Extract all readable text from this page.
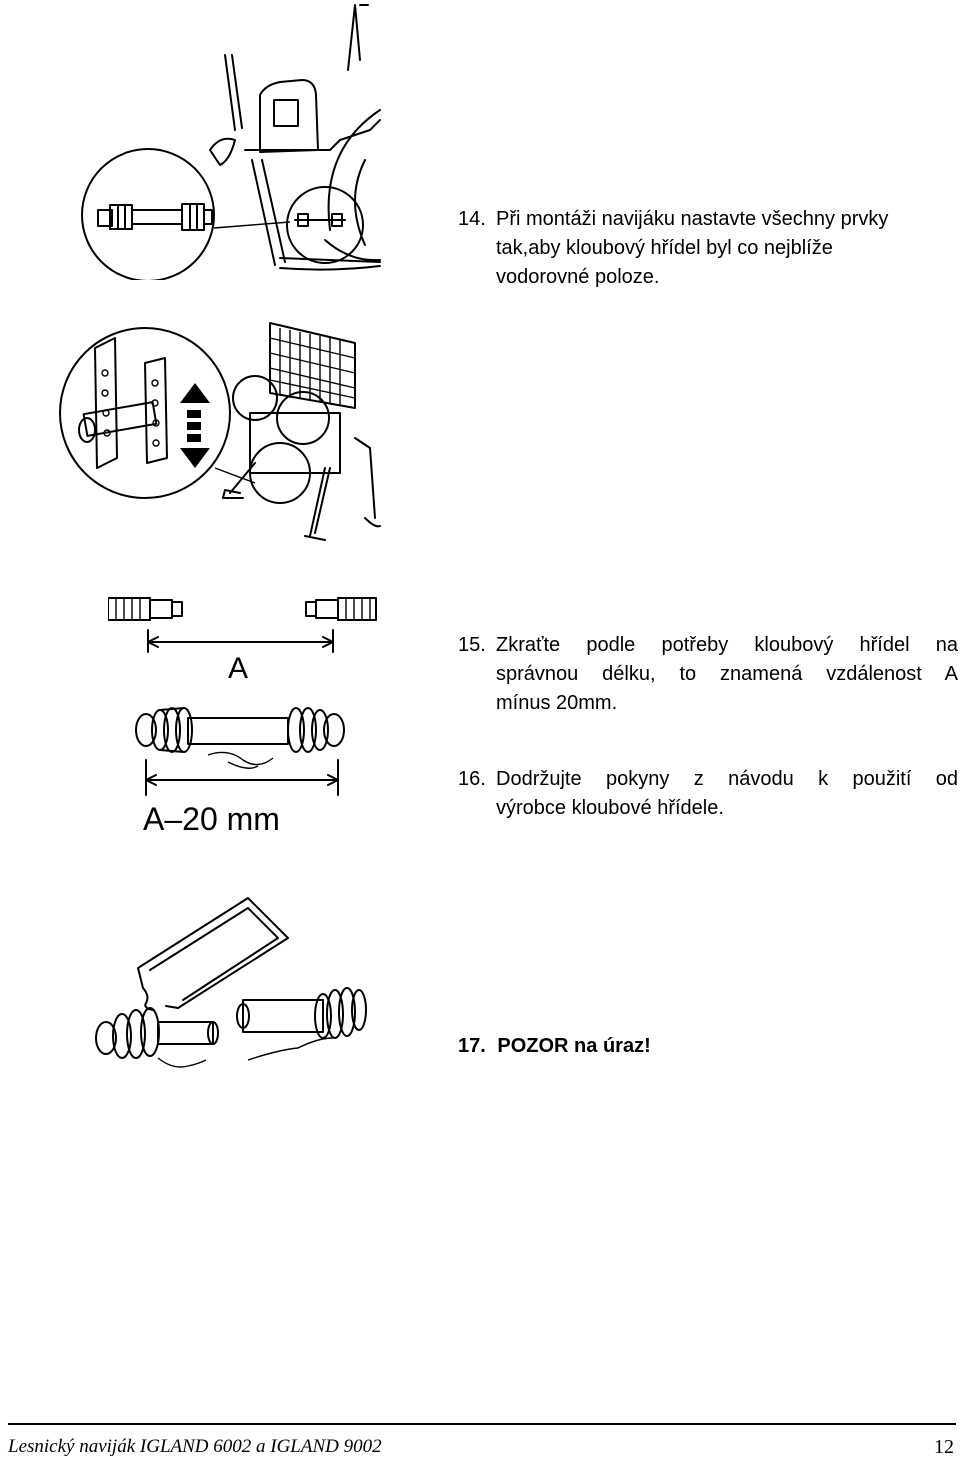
A
A–20 mm
14. Při montáži navijáku nastavte všechny prvky
tak,aby kloubový hřídel byl co nejblíže
vodorovné poloze.
15. Zkraťte podle potřeby kloubový hřídel na
správnou délku, to znamená vzdálenost A
mínus 20mm.
16. Dodržujte pokyny z návodu k použití od
výrobce kloubové hřídele.
17. POZOR na úraz!
Lesnický naviják IGLAND 6002 a IGLAND 9002	12
